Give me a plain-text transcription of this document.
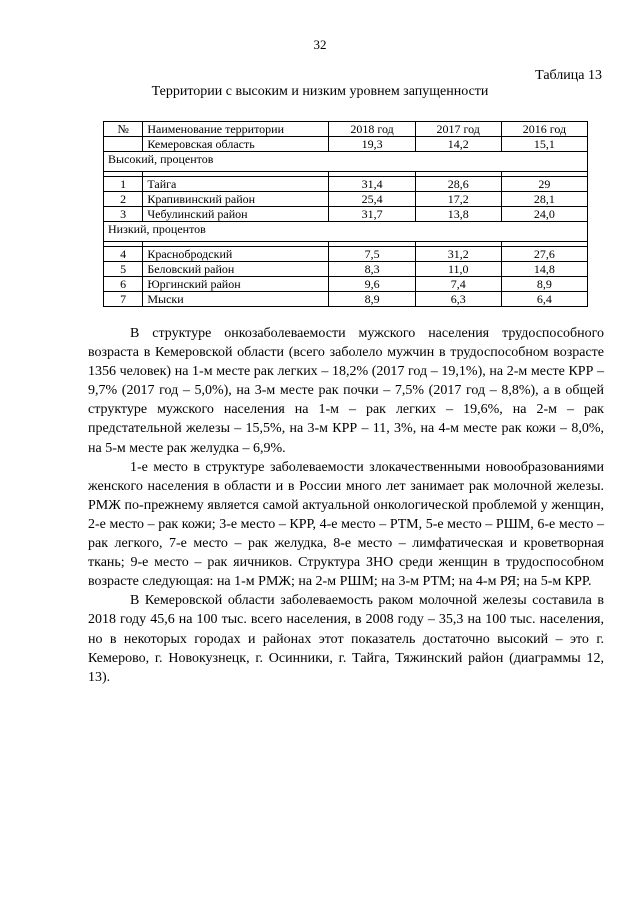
32
Таблица 13
Территории с высоким и низким уровнем запущенности
№	Наименование территории	2018 год	2017 год	2016 год
	Кемеровская область	19,3	14,2	15,1
Высокий, процентов				

1	Тайга	31,4	28,6	29
2	Крапивинский район	25,4	17,2	28,1
3	Чебулинский район	31,7	13,8	24,0
Низкий, процентов				

4	Краснобродский	7,5	31,2	27,6
5	Беловский район	8,3	11,0	14,8
6	Юргинский район	9,6	7,4	8,9
7	Мыски	8,9	6,3	6,4

В структуре онкозаболеваемости мужского населения трудоспособного возраста в Кемеровской области (всего заболело мужчин в трудоспособном возрасте 1356 человек) на 1-м месте рак легких – 18,2% (2017 год – 19,1%), на 2-м месте КРР – 9,7% (2017 год – 5,0%), на 3-м месте рак почки – 7,5% (2017 год – 8,8%), а в общей структуре мужского населения на 1-м – рак легких – 19,6%, на 2-м – рак предстательной железы – 15,5%, на 3-м КРР – 11, 3%, на 4-м месте рак кожи – 8,0%, на 5-м месте рак желудка – 6,9%.

1-е место в структуре заболеваемости злокачественными новообразованиями женского населения в области и в России много лет занимает рак молочной железы. РМЖ по-прежнему является самой актуальной онкологической проблемой у женщин, 2-е место – рак кожи; 3-е место – КРР, 4-е место – РТМ, 5-е место – РШМ, 6-е место – рак легкого, 7-е место – рак желудка, 8-е место – лимфатическая и кроветворная ткань; 9-е место – рак яичников. Структура ЗНО среди женщин в трудоспособном возрасте следующая: на 1-м РМЖ; на 2-м РШМ; на 3-м РТМ; на 4-м РЯ; на 5-м КРР.

В Кемеровской области заболеваемость раком молочной железы составила в 2018 году 45,6 на 100 тыс. всего населения, в 2008 году – 35,3 на 100 тыс. населения, но в некоторых городах и районах этот показатель достаточно высокий – это г. Кемерово, г. Новокузнецк, г. Осинники, г. Тайга, Тяжинский район (диаграммы 12, 13).
